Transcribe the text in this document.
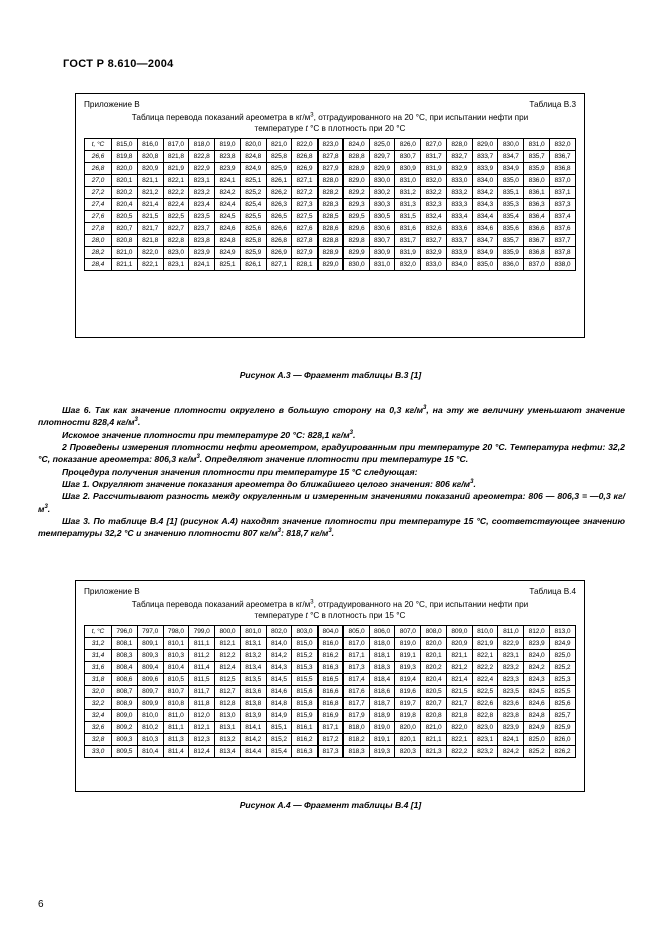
ГОСТ Р 8.610—2004
Приложение В	Таблица В.3
Таблица перевода показаний ареометра в $кг/м^3$, отградуированного на 20 °C, при испытании нефти при
температуре t °C в плотность при 20 °C
t, °C	815,0	816,0	817,0	818,0	819,0	820,0	821,0	822,0	823,0	824,0	825,0	826,0	827,0	828,0	829,0	830,0	831,0	832,0
26,6	819,8	820,8	821,8	822,8	823,8	824,8	825,8	826,8	827,8	828,8	829,7	830,7	831,7	832,7	833,7	834,7	835,7	836,7
26,8	820,0	820,9	821,9	822,9	823,9	824,9	825,9	826,9	827,9	828,9	829,9	830,9	831,9	832,9	833,9	834,9	835,9	836,8
27,0	820,1	821,1	822,1	823,1	824,1	825,1	826,1	827,1	828,0	829,0	830,0	831,0	832,0	833,0	834,0	835,0	836,0	837,0
27,2	820,2	821,2	822,2	823,2	824,2	825,2	826,2	827,2	828,2	829,2	830,2	831,2	832,2	833,2	834,2	835,1	836,1	837,1
27,4	820,4	821,4	822,4	823,4	824,4	825,4	826,3	827,3	828,3	829,3	830,3	831,3	832,3	833,3	834,3	835,3	836,3	837,3
27,6	820,5	821,5	822,5	823,5	824,5	825,5	826,5	827,5	828,5	829,5	830,5	831,5	832,4	833,4	834,4	835,4	836,4	837,4
27,8	820,7	821,7	822,7	823,7	824,6	825,6	826,6	827,6	828,6	829,6	830,6	831,6	832,6	833,6	834,6	835,6	836,6	837,6
28,0	820,8	821,8	822,8	823,8	824,8	825,8	826,8	827,8	828,8	829,8	830,7	831,7	832,7	833,7	834,7	835,7	836,7	837,7
28,2	821,0	822,0	823,0	823,9	824,9	825,9	826,9	827,9	828,9	829,9	830,9	831,9	832,9	833,9	834,9	835,9	836,8	837,8
28,4	821,1	822,1	823,1	824,1	825,1	826,1	827,1	828,1	829,0	830,0	831,0	832,0	833,0	834,0	835,0	836,0	837,0	838,0
Рисунок А.3 — Фрагмент таблицы В.3 [1]

Шаг 6. Так как значение плотности округлено в большую сторону на 0,3 $кг/м^3$, на эту же величину уменьшают значение плотности 828,4 $кг/м^3$.

Искомое значение плотности при температуре 20 °C: 828,1 $кг/м^3$.

2 Проведены измерения плотности нефти ареометром, градуированным при температуре 20 °C. Температура нефти: 32,2 °C, показание ареометра: 806,3 $кг/м^3$. Определяют значение плотности при температуре 15 °C.

Процедура получения значения плотности при температуре 15 °C следующая:

Шаг 1. Округляют значение показания ареометра до ближайшего целого значения: 806 $кг/м^3$.

Шаг 2. Рассчитывают разность между округленным и измеренным значениями показаний ареометра: 806 — 806,3 = —0,3 $кг/м^3$.

Шаг 3. По таблице В.4 [1] (рисунок А.4) находят значение плотности при температуре 15 °C, соответствующее значению температуры 32,2 °C и значению плотности 807 $кг/м^3$: 818,7 $кг/м^3$.

Приложение В	Таблица В.4
Таблица перевода показаний ареометра в $кг/м^3$, отградуированного на 20 °C, при испытании нефти при
температуре t °C в плотность при 15 °C
t, °C	796,0	797,0	798,0	799,0	800,0	801,0	802,0	803,0	804,0	805,0	806,0	807,0	808,0	809,0	810,0	811,0	812,0	813,0
31,2	808,1	809,1	810,1	811,1	812,1	813,1	814,0	815,0	816,0	817,0	818,0	819,0	820,0	820,9	821,9	822,9	823,9	824,9
31,4	808,3	809,3	810,3	811,2	812,2	813,2	814,2	815,2	816,2	817,1	818,1	819,1	820,1	821,1	822,1	823,1	824,0	825,0
31,6	808,4	809,4	810,4	811,4	812,4	813,4	814,3	815,3	816,3	817,3	818,3	819,3	820,2	821,2	822,2	823,2	824,2	825,2
31,8	808,6	809,6	810,5	811,5	812,5	813,5	814,5	815,5	816,5	817,4	818,4	819,4	820,4	821,4	822,4	823,3	824,3	825,3
32,0	808,7	809,7	810,7	811,7	812,7	813,6	814,6	815,6	816,6	817,6	818,6	819,6	820,5	821,5	822,5	823,5	824,5	825,5
32,2	808,9	809,9	810,8	811,8	812,8	813,8	814,8	815,8	816,8	817,7	818,7	819,7	820,7	821,7	822,6	823,6	824,6	825,6
32,4	809,0	810,0	811,0	812,0	813,0	813,9	814,9	815,9	816,9	817,9	818,9	819,8	820,8	821,8	822,8	823,8	824,8	825,7
32,6	809,2	810,2	811,1	812,1	813,1	814,1	815,1	816,1	817,1	818,0	819,0	820,0	821,0	822,0	823,0	823,9	824,9	825,9
32,8	809,3	810,3	811,3	812,3	813,2	814,2	815,2	816,2	817,2	818,2	819,1	820,1	821,1	822,1	823,1	824,1	825,0	826,0
33,0	809,5	810,4	811,4	812,4	813,4	814,4	815,4	816,3	817,3	818,3	819,3	820,3	821,3	822,2	823,2	824,2	825,2	826,2
Рисунок А.4 — Фрагмент таблицы В.4 [1]
6
